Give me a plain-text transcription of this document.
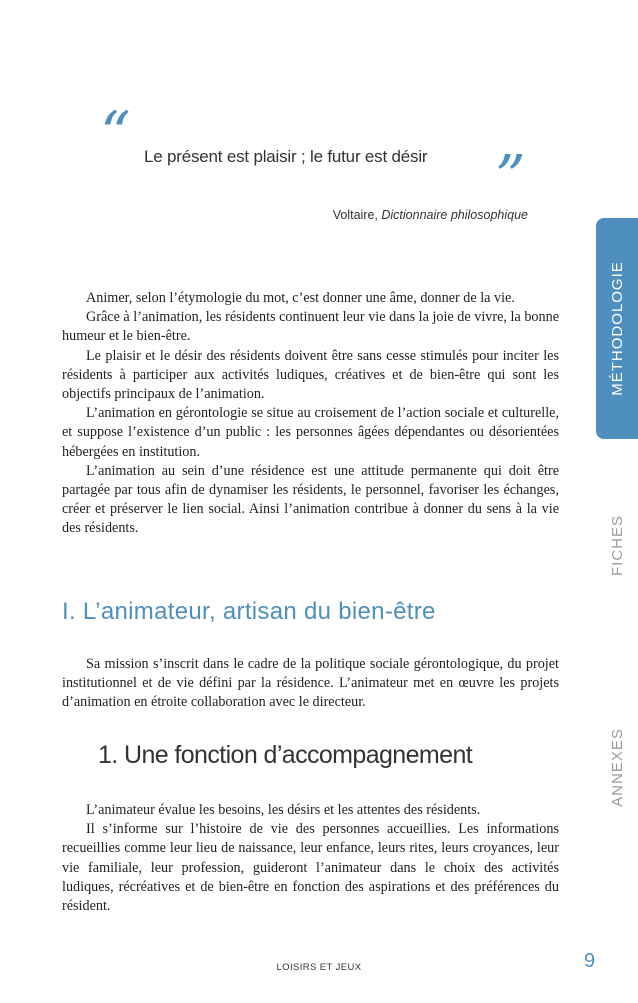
“ Le présent est plaisir ; le futur est désir ”
Voltaire, Dictionnaire philosophique

Animer, selon l’étymologie du mot, c’est donner une âme, donner de la vie.

Grâce à l’animation, les résidents continuent leur vie dans la joie de vivre, la bonne humeur et le bien-être.

Le plaisir et le désir des résidents doivent être sans cesse stimulés pour inciter les résidents à participer aux activités ludiques, créatives et de bien-être qui sont les objectifs principaux de l’animation.

L’animation en gérontologie se situe au croisement de l’action sociale et culturelle, et suppose l’existence d’un public : les personnes âgées dépendantes ou désorientées hébergées en institution.

L’animation au sein d’une résidence est une attitude permanente qui doit être partagée par tous afin de dynamiser les résidents, le personnel, favoriser les échanges, créer et préserver le lien social. Ainsi l’animation contribue à donner du sens à la vie des résidents.

I. L’animateur, artisan du bien-être

Sa mission s’inscrit dans le cadre de la politique sociale gérontologique, du projet institutionnel et de vie défini par la résidence. L’animateur met en œuvre les projets d’animation en étroite collaboration avec le directeur.

1. Une fonction d’accompagnement

L’animateur évalue les besoins, les désirs et les attentes des résidents.

Il s’informe sur l’histoire de vie des personnes accueillies. Les informations recueillies comme leur lieu de naissance, leur enfance, leurs rites, leurs croyances, leur vie familiale, leur profession, guideront l’animateur dans le choix des activités ludiques, récréatives et de bien-être en fonction des aspirations et des préférences du résident.

MÉTHODOLOGIE
FICHES
ANNEXES
LOISIRS ET JEUX	9
